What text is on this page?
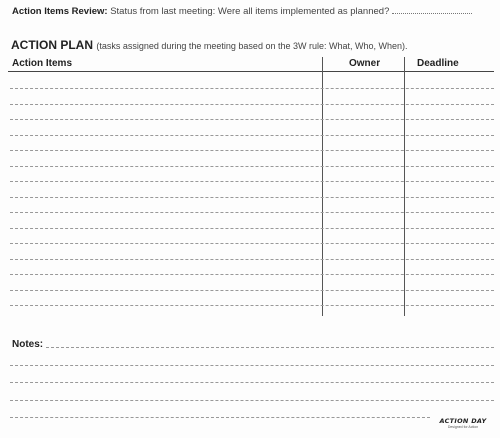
Action Items Review: Status from last meeting: Were all items implemented as planned?
ACTION PLAN (tasks assigned during the meeting based on the 3W rule: What, Who, When).
Action Items	Owner	Deadline
Notes:
ACTION DAY
Designed for Action
